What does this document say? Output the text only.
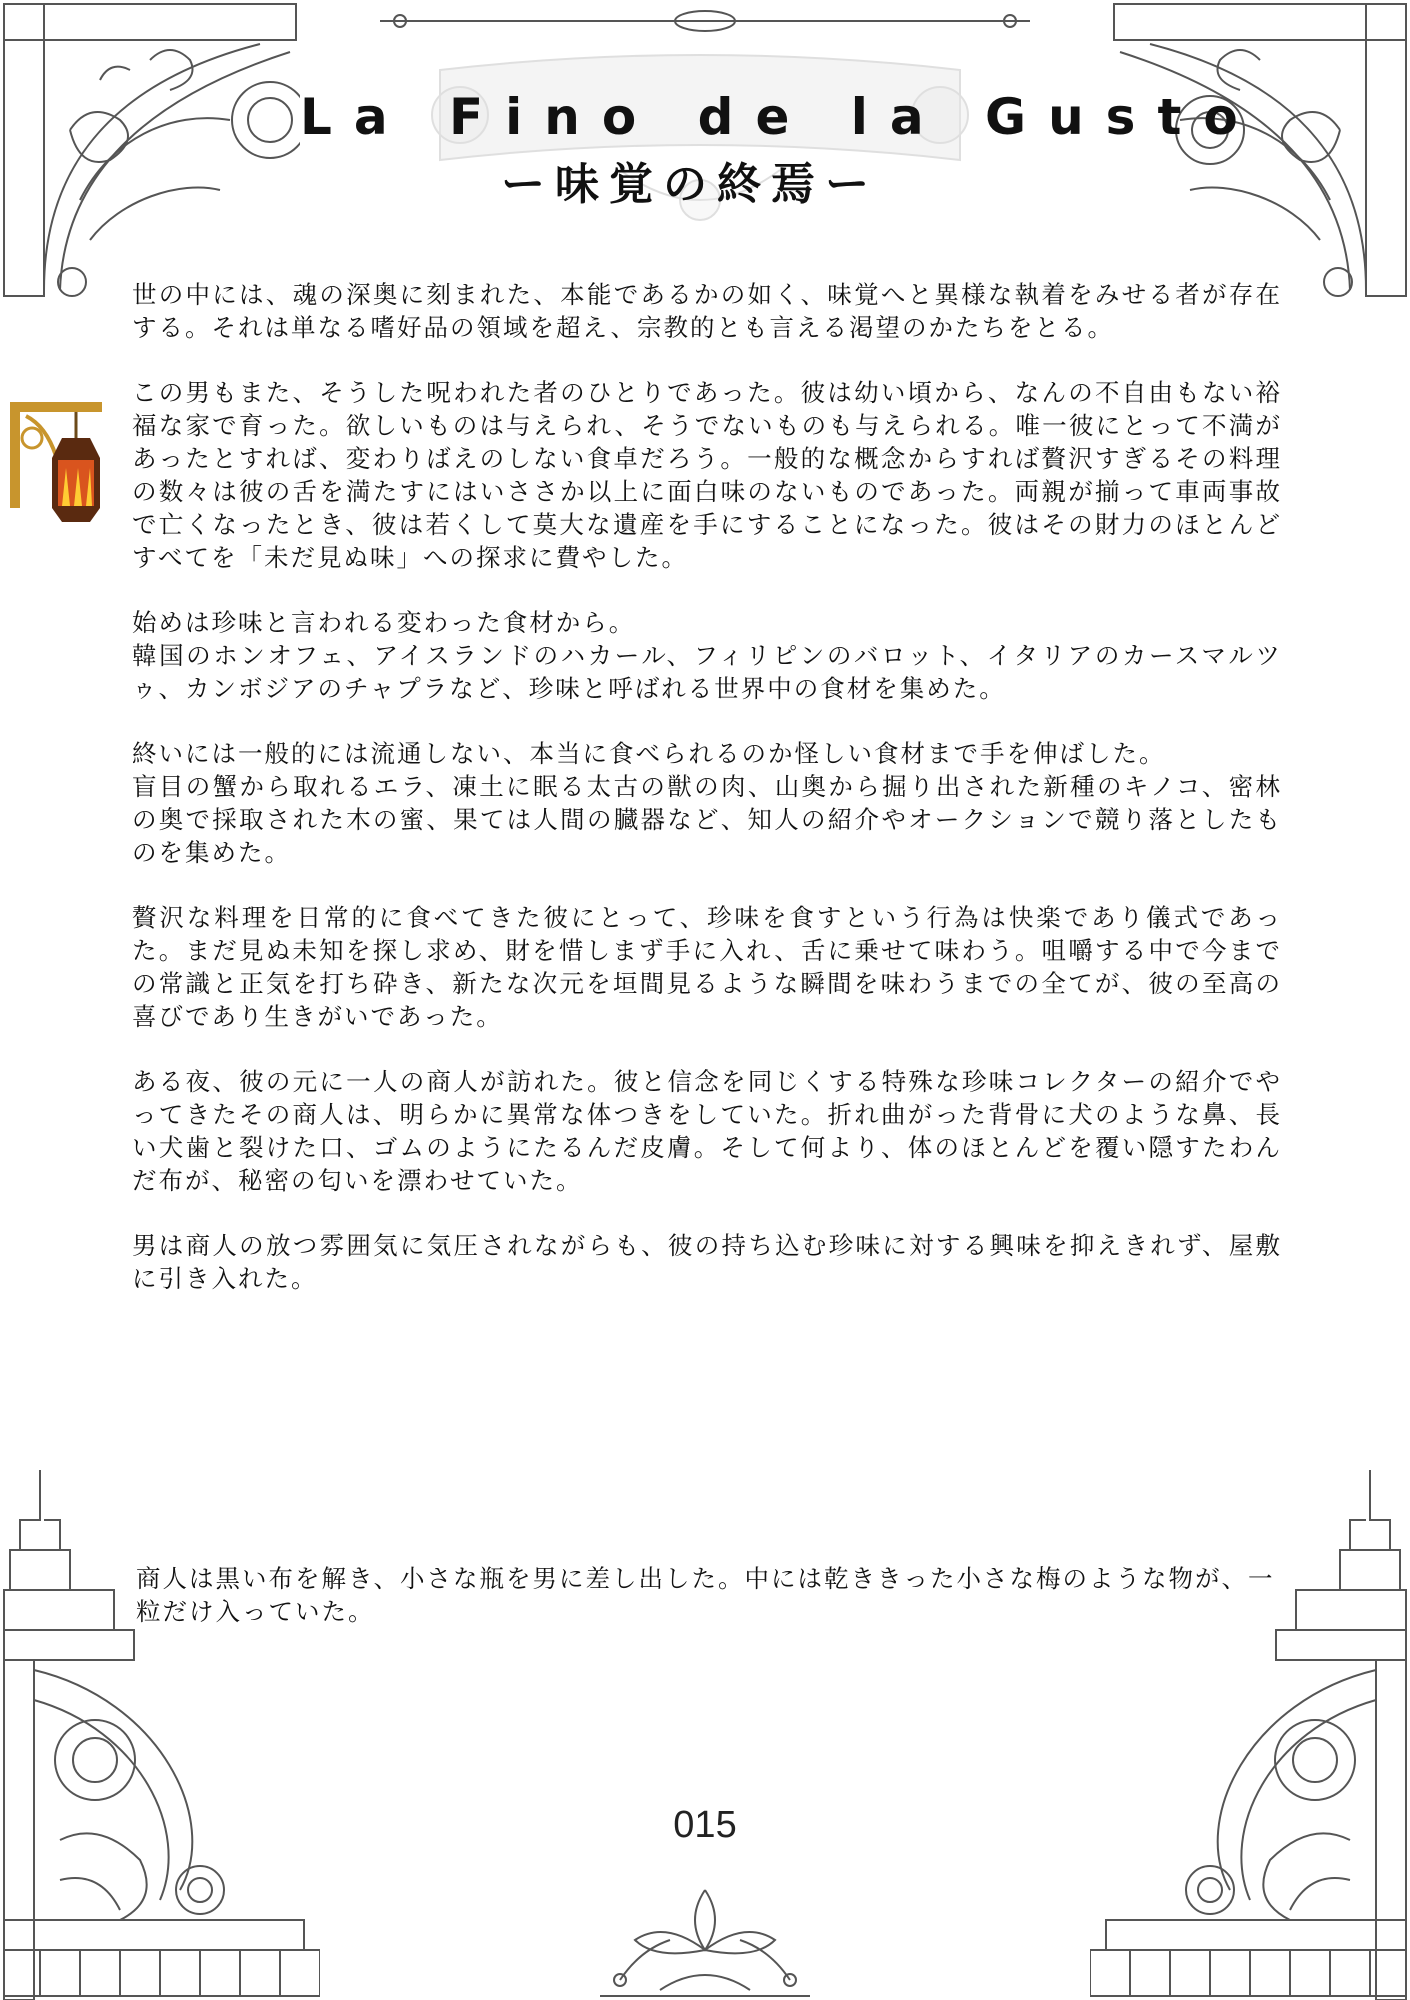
La Fino de la Gusto
ー味覚の終焉ー

世の中には、魂の深奥に刻まれた、本能であるかの如く、味覚へと異様な執着をみせる者が存在する。それは単なる嗜好品の領域を超え、宗教的とも言える渇望のかたちをとる。

この男もまた、そうした呪われた者のひとりであった。彼は幼い頃から、なんの不自由もない裕福な家で育った。欲しいものは与えられ、そうでないものも与えられる。唯一彼にとって不満があったとすれば、変わりばえのしない食卓だろう。一般的な概念からすれば贅沢すぎるその料理の数々は彼の舌を満たすにはいささか以上に面白味のないものであった。両親が揃って車両事故で亡くなったとき、彼は若くして莫大な遺産を手にすることになった。彼はその財力のほとんどすべてを「未だ見ぬ味」への探求に費やした。

始めは珍味と言われる変わった食材から。
韓国のホンオフェ、アイスランドのハカール、フィリピンのバロット、イタリアのカースマルツゥ、カンボジアのチャプラなど、珍味と呼ばれる世界中の食材を集めた。

終いには一般的には流通しない、本当に食べられるのか怪しい食材まで手を伸ばした。
盲目の蟹から取れるエラ、凍土に眠る太古の獣の肉、山奥から掘り出された新種のキノコ、密林の奥で採取された木の蜜、果ては人間の臓器など、知人の紹介やオークションで競り落としたものを集めた。

贅沢な料理を日常的に食べてきた彼にとって、珍味を食すという行為は快楽であり儀式であった。まだ見ぬ未知を探し求め、財を惜しまず手に入れ、舌に乗せて味わう。咀嚼する中で今までの常識と正気を打ち砕き、新たな次元を垣間見るような瞬間を味わうまでの全てが、彼の至高の喜びであり生きがいであった。

ある夜、彼の元に一人の商人が訪れた。彼と信念を同じくする特殊な珍味コレクターの紹介でやってきたその商人は、明らかに異常な体つきをしていた。折れ曲がった背骨に犬のような鼻、長い犬歯と裂けた口、ゴムのようにたるんだ皮膚。そして何より、体のほとんどを覆い隠すたわんだ布が、秘密の匂いを漂わせていた。

男は商人の放つ雰囲気に気圧されながらも、彼の持ち込む珍味に対する興味を抑えきれず、屋敷に引き入れた。

商人は黒い布を解き、小さな瓶を男に差し出した。中には乾ききった小さな梅のような物が、一粒だけ入っていた。

015
